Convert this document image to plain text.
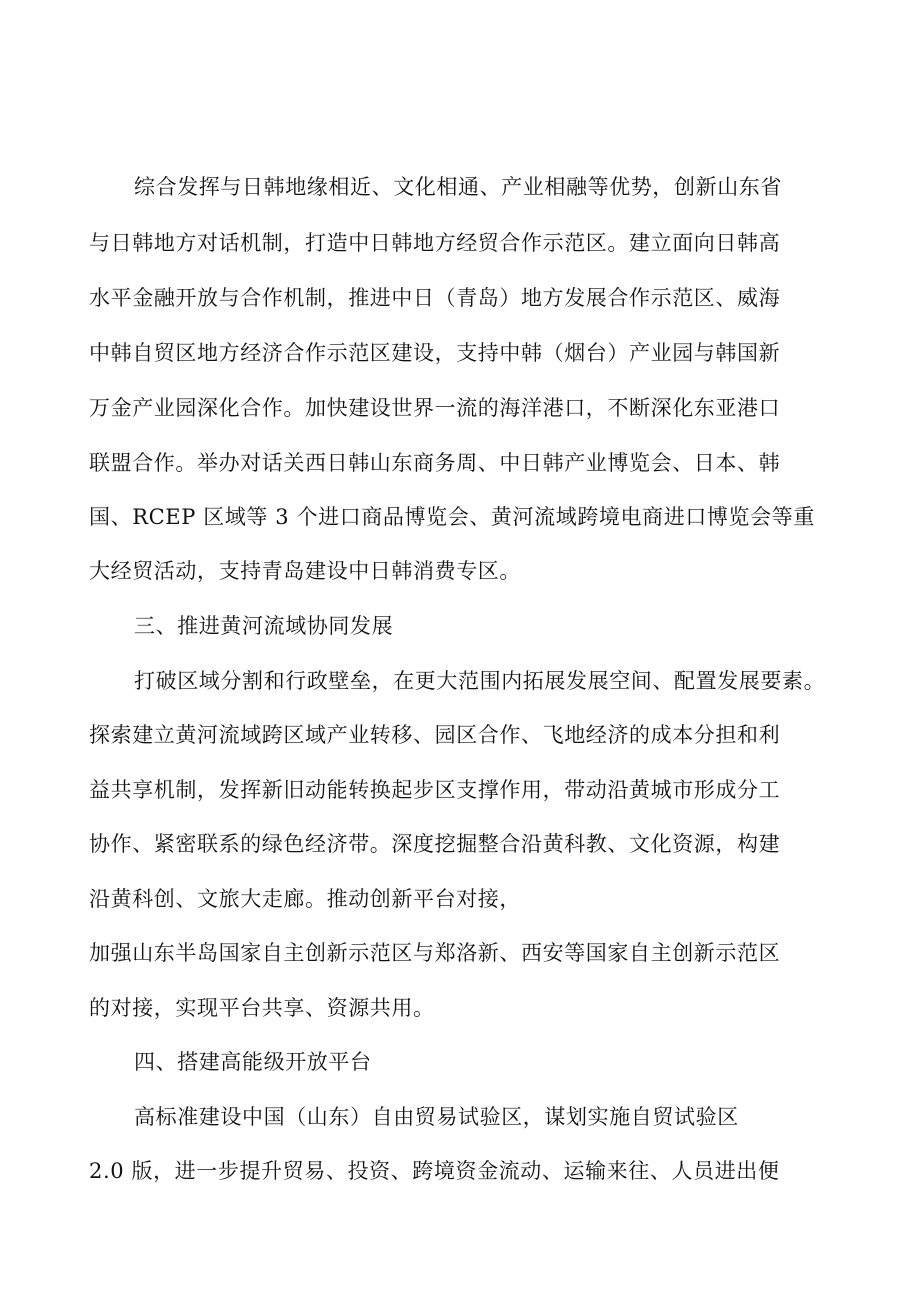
综合发挥与日韩地缘相近、文化相通、产业相融等优势，创新山东省
与日韩地方对话机制，打造中日韩地方经贸合作示范区。建立面向日韩高
水平金融开放与合作机制，推进中日（青岛）地方发展合作示范区、威海
中韩自贸区地方经济合作示范区建设，支持中韩（烟台）产业园与韩国新
万金产业园深化合作。加快建设世界一流的海洋港口，不断深化东亚港口
联盟合作。举办对话关西日韩山东商务周、中日韩产业博览会、日本、韩
国、RCEP 区域等 3 个进口商品博览会、黄河流域跨境电商进口博览会等重
大经贸活动，支持青岛建设中日韩消费专区。
三、推进黄河流域协同发展
打破区域分割和行政壁垒，在更大范围内拓展发展空间、配置发展要素。
探索建立黄河流域跨区域产业转移、园区合作、飞地经济的成本分担和利
益共享机制，发挥新旧动能转换起步区支撑作用，带动沿黄城市形成分工
协作、紧密联系的绿色经济带。深度挖掘整合沿黄科教、文化资源，构建
沿黄科创、文旅大走廊。推动创新平台对接，
加强山东半岛国家自主创新示范区与郑洛新、西安等国家自主创新示范区
的对接，实现平台共享、资源共用。
四、搭建高能级开放平台
高标准建设中国（山东）自由贸易试验区，谋划实施自贸试验区
2.0 版，进一步提升贸易、投资、跨境资金流动、运输来往、人员进出便
